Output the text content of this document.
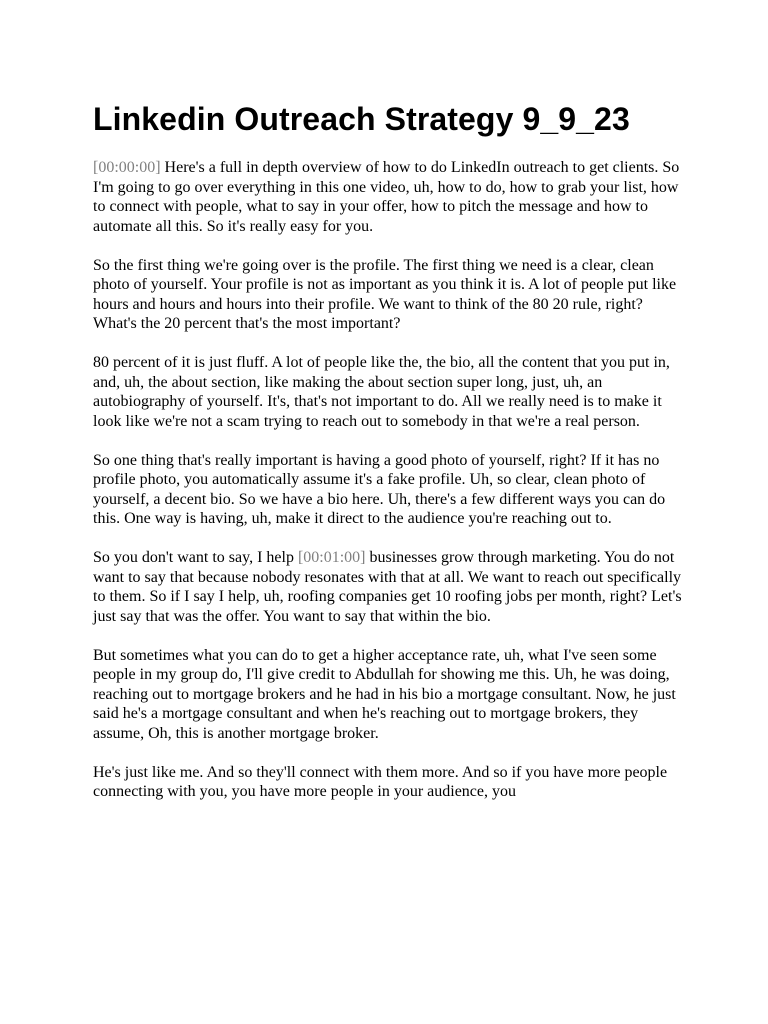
Linkedin Outreach Strategy 9_9_23

[00:00:00] Here's a full in depth overview of how to do LinkedIn outreach to get clients. So I'm going to go over everything in this one video, uh, how to do, how to grab your list, how to connect with people, what to say in your offer, how to pitch the message and how to automate all this. So it's really easy for you.

So the first thing we're going over is the profile. The first thing we need is a clear, clean photo of yourself. Your profile is not as important as you think it is. A lot of people put like hours and hours and hours into their profile. We want to think of the 80 20 rule, right? What's the 20 percent that's the most important?

80 percent of it is just fluff. A lot of people like the, the bio, all the content that you put in, and, uh, the about section, like making the about section super long, just, uh, an autobiography of yourself. It's, that's not important to do. All we really need is to make it look like we're not a scam trying to reach out to somebody in that we're a real person.

So one thing that's really important is having a good photo of yourself, right? If it has no profile photo, you automatically assume it's a fake profile. Uh, so clear, clean photo of yourself, a decent bio. So we have a bio here. Uh, there's a few different ways you can do this. One way is having, uh, make it direct to the audience you're reaching out to.

So you don't want to say, I help [00:01:00] businesses grow through marketing. You do not want to say that because nobody resonates with that at all. We want to reach out specifically to them. So if I say I help, uh, roofing companies get 10 roofing jobs per month, right? Let's just say that was the offer. You want to say that within the bio.

But sometimes what you can do to get a higher acceptance rate, uh, what I've seen some people in my group do, I'll give credit to Abdullah for showing me this. Uh, he was doing, reaching out to mortgage brokers and he had in his bio a mortgage consultant. Now, he just said he's a mortgage consultant and when he's reaching out to mortgage brokers, they assume, Oh, this is another mortgage broker.

He's just like me. And so they'll connect with them more. And so if you have more people connecting with you, you have more people in your audience, you
